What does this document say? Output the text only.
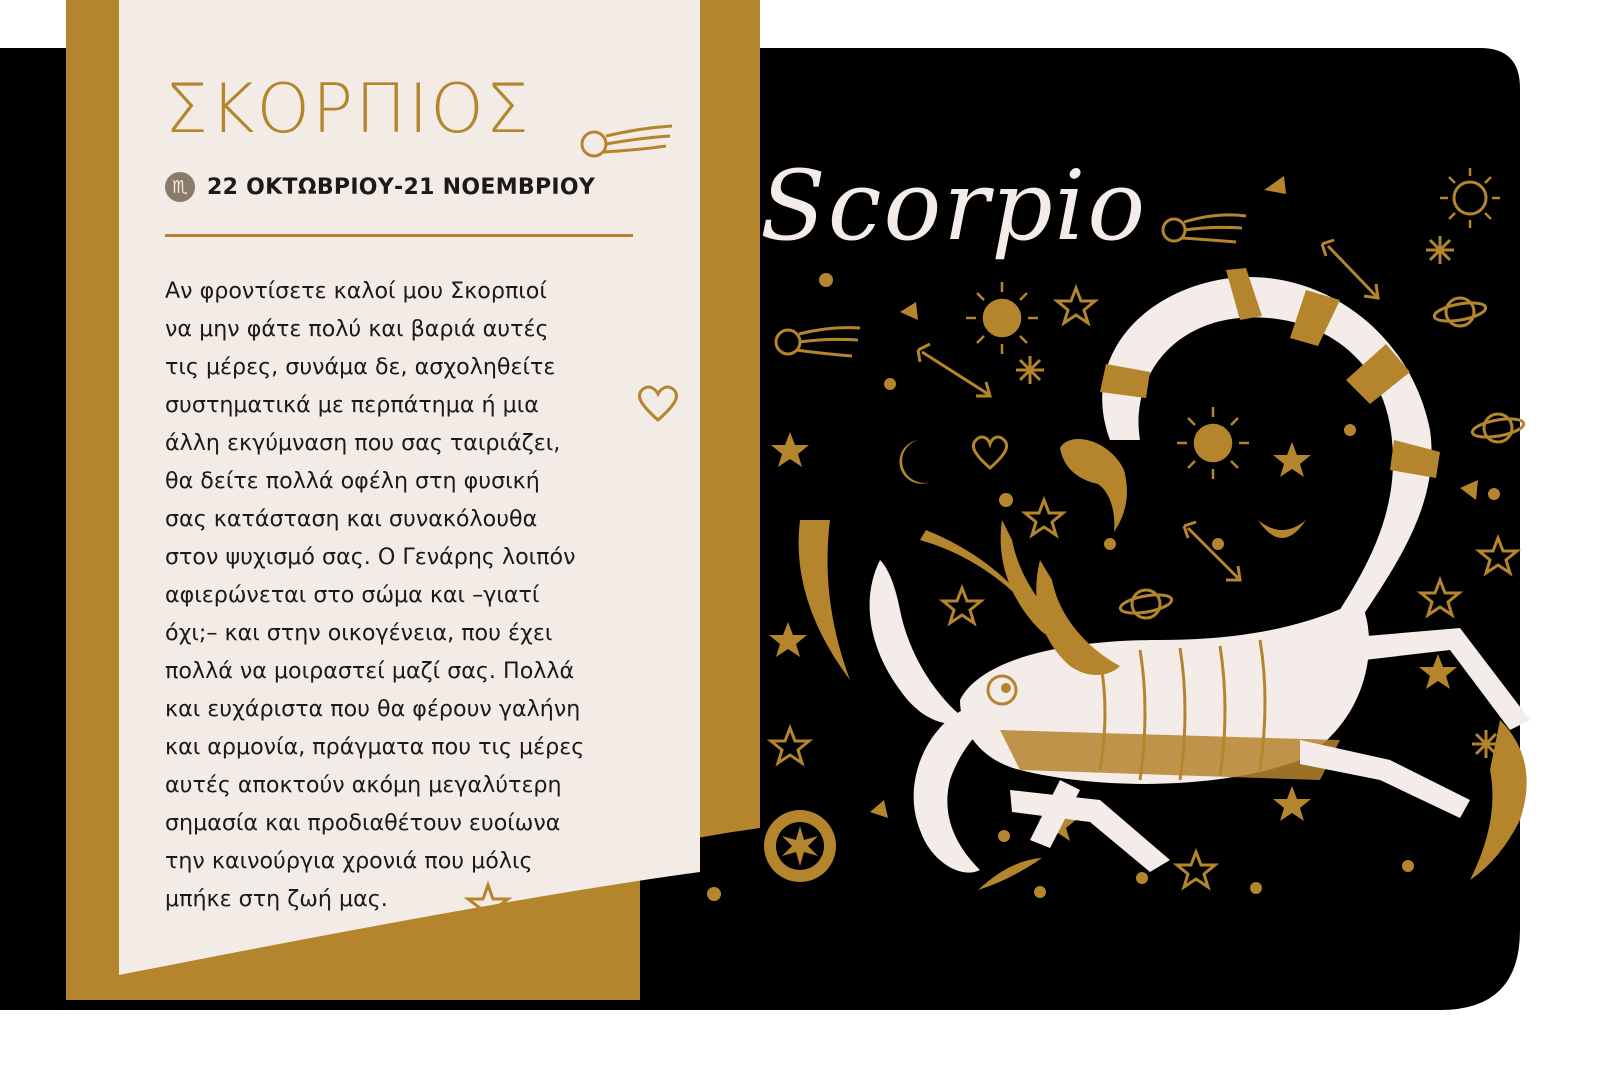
ΣΚΟΡΠΙΟΣ
♏ 22 ΟΚΤΩΒΡΙΟΥ-21 ΝΟΕΜΒΡΙΟΥ
Αν φροντίσετε καλοί μου Σκορπιοί
να μην φάτε πολύ και βαριά αυτές
τις μέρες, συνάμα δε, ασχοληθείτε
συστηματικά με περπάτημα ή μια
άλλη εκγύμναση που σας ταιριάζει,
θα δείτε πολλά οφέλη στη φυσική
σας κατάσταση και συνακόλουθα
στον ψυχισμό σας. Ο Γενάρης λοιπόν
αφιερώνεται στο σώμα και –γιατί
όχι;– και στην οικογένεια, που έχει
πολλά να μοιραστεί μαζί σας. Πολλά
και ευχάριστα που θα φέρουν γαλήνη
και αρμονία, πράγματα που τις μέρες
αυτές αποκτούν ακόμη μεγαλύτερη
σημασία και προδιαθέτουν ευοίωνα
την καινούργια χρονιά που μόλις
μπήκε στη ζωή μας.
Scorpio
